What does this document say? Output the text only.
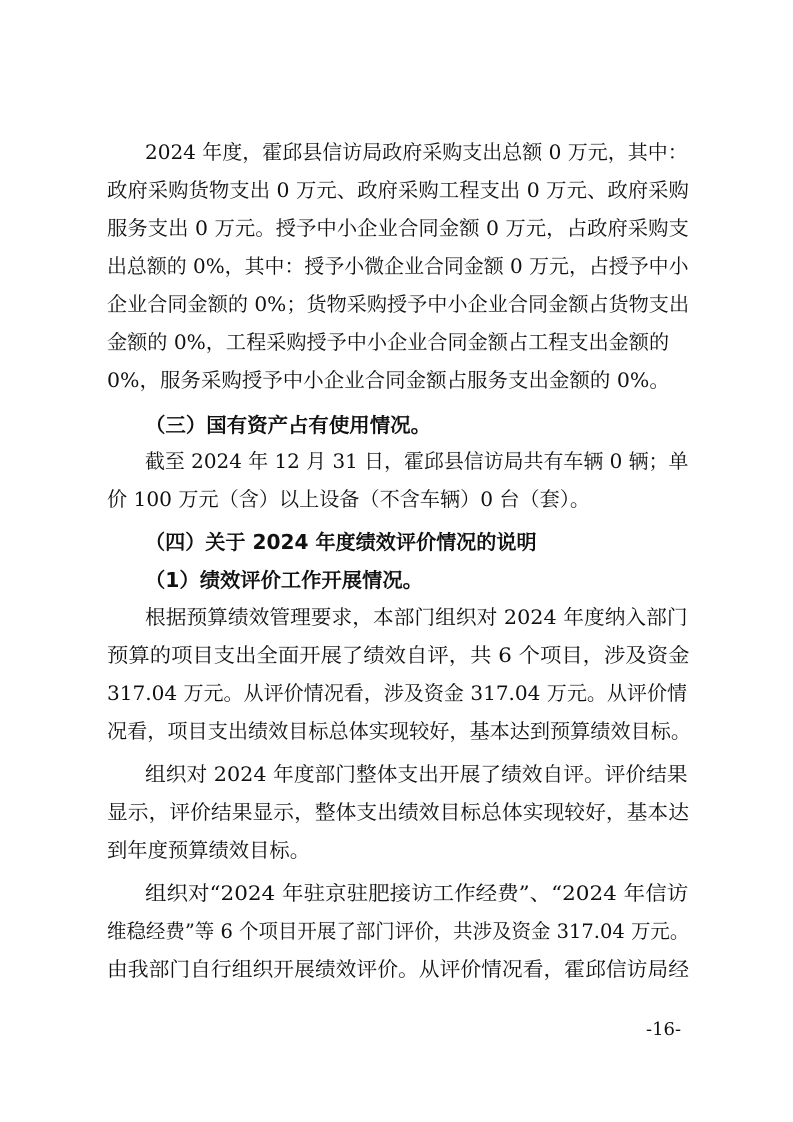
2024 年度，霍邱县信访局政府采购支出总额 0 万元，其中：
政府采购货物支出 0 万元、政府采购工程支出 0 万元、政府采购
服务支出 0 万元。授予中小企业合同金额 0 万元，占政府采购支
出总额的 0%，其中：授予小微企业合同金额 0 万元，占授予中小
企业合同金额的 0%；货物采购授予中小企业合同金额占货物支出
金额的 0%，工程采购授予中小企业合同金额占工程支出金额的
0%，服务采购授予中小企业合同金额占服务支出金额的 0%。
（三）国有资产占有使用情况。
截至 2024 年 12 月 31 日，霍邱县信访局共有车辆 0 辆；单
价 100 万元（含）以上设备（不含车辆）0 台（套）。
（四）关于 2024 年度绩效评价情况的说明
（1）绩效评价工作开展情况。
根据预算绩效管理要求，本部门组织对 2024 年度纳入部门
预算的项目支出全面开展了绩效自评，共 6 个项目，涉及资金
317.04 万元。从评价情况看，涉及资金 317.04 万元。从评价情
况看，项目支出绩效目标总体实现较好，基本达到预算绩效目标。
组织对 2024 年度部门整体支出开展了绩效自评。评价结果
显示，评价结果显示，整体支出绩效目标总体实现较好，基本达
到年度预算绩效目标。
组织对“2024 年驻京驻肥接访工作经费”、“2024 年信访
维稳经费”等 6 个项目开展了部门评价，共涉及资金 317.04 万元。
由我部门自行组织开展绩效评价。从评价情况看，霍邱信访局经
-16-
